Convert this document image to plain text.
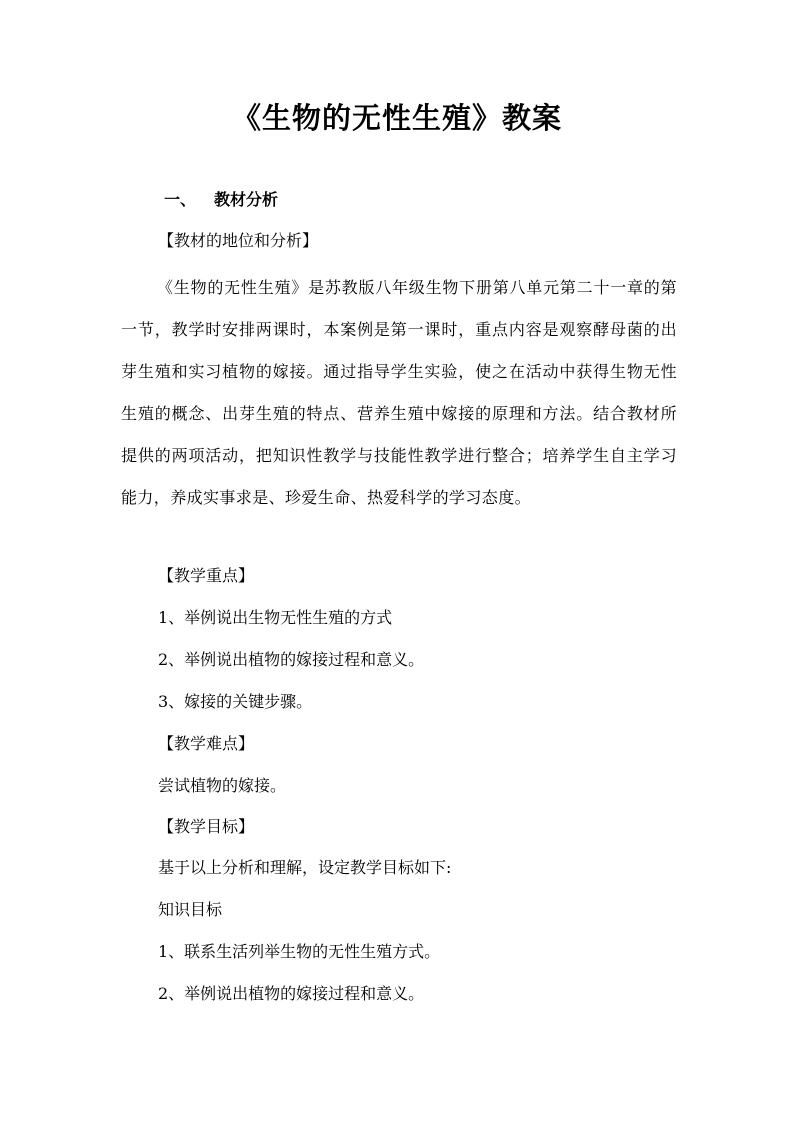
《生物的无性生殖》教案
一、 教材分析
【教材的地位和分析】
《生物的无性生殖》是苏教版八年级生物下册第八单元第二十一章的第一节，教学时安排两课时，本案例是第一课时，重点内容是观察酵母菌的出芽生殖和实习植物的嫁接。通过指导学生实验，使之在活动中获得生物无性生殖的概念、出芽生殖的特点、营养生殖中嫁接的原理和方法。结合教材所提供的两项活动，把知识性教学与技能性教学进行整合；培养学生自主学习能力，养成实事求是、珍爱生命、热爱科学的学习态度。
【教学重点】
1、举例说出生物无性生殖的方式
2、举例说出植物的嫁接过程和意义。
3、嫁接的关键步骤。
【教学难点】
尝试植物的嫁接。
【教学目标】
基于以上分析和理解，设定教学目标如下:
知识目标
1、联系生活列举生物的无性生殖方式。
2、举例说出植物的嫁接过程和意义。
